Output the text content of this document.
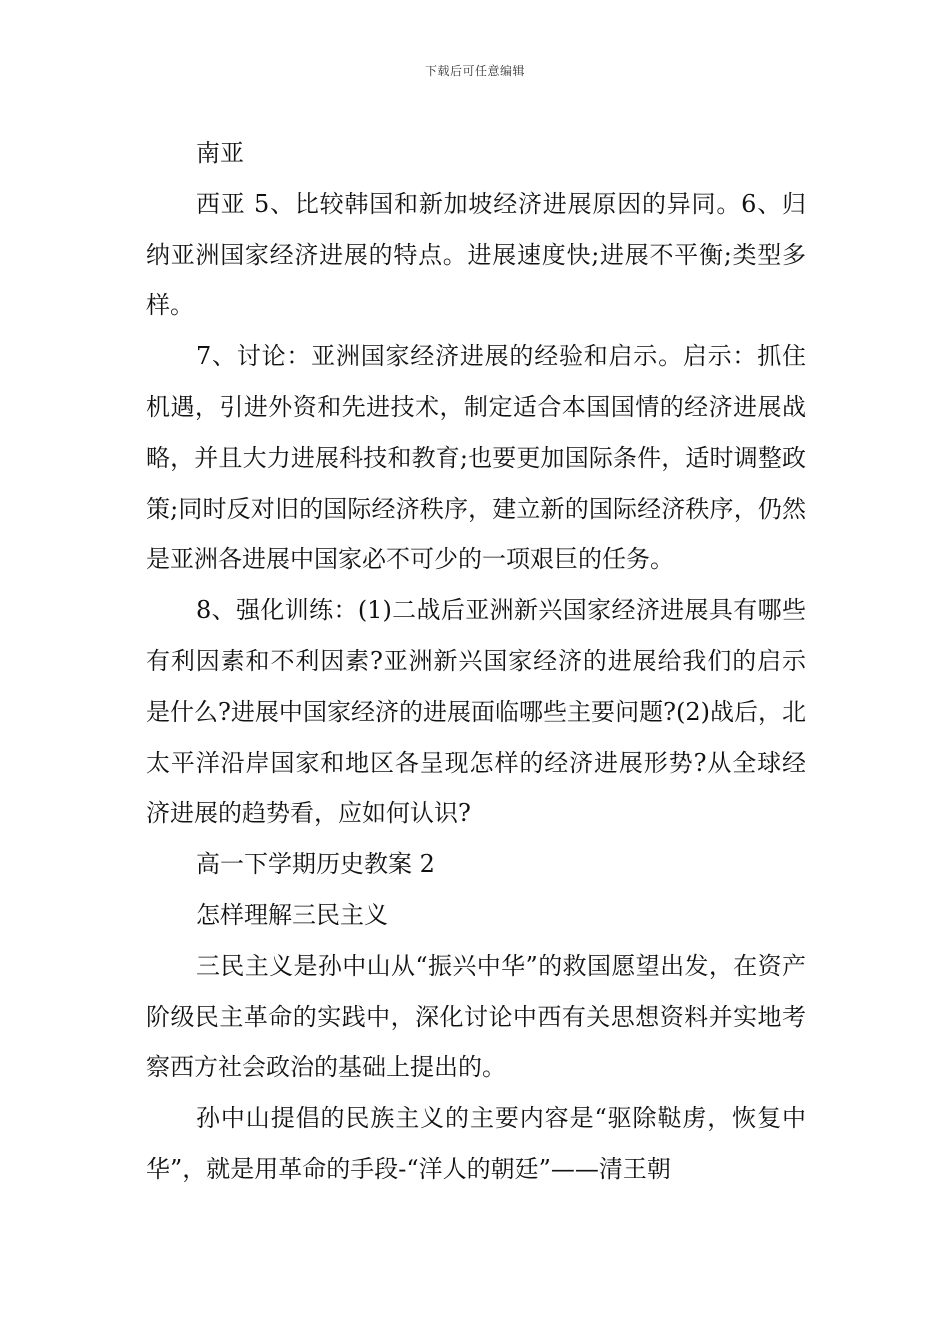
下载后可任意编辑

南亚

西亚 5、比较韩国和新加坡经济进展原因的异同。6、归纳亚洲国家经济进展的特点。进展速度快;进展不平衡;类型多样。

7、讨论：亚洲国家经济进展的经验和启示。启示：抓住机遇，引进外资和先进技术，制定适合本国国情的经济进展战略，并且大力进展科技和教育;也要更加国际条件，适时调整政策;同时反对旧的国际经济秩序，建立新的国际经济秩序，仍然是亚洲各进展中国家必不可少的一项艰巨的任务。

8、强化训练：(1)二战后亚洲新兴国家经济进展具有哪些有利因素和不利因素?亚洲新兴国家经济的进展给我们的启示是什么?进展中国家经济的进展面临哪些主要问题?(2)战后，北太平洋沿岸国家和地区各呈现怎样的经济进展形势?从全球经济进展的趋势看，应如何认识?

高一下学期历史教案 2

怎样理解三民主义

三民主义是孙中山从“振兴中华”的救国愿望出发，在资产阶级民主革命的实践中，深化讨论中西有关思想资料并实地考察西方社会政治的基础上提出的。

孙中山提倡的民族主义的主要内容是“驱除鞑虏，恢复中华”，就是用革命的手段-“洋人的朝廷”——清王朝
